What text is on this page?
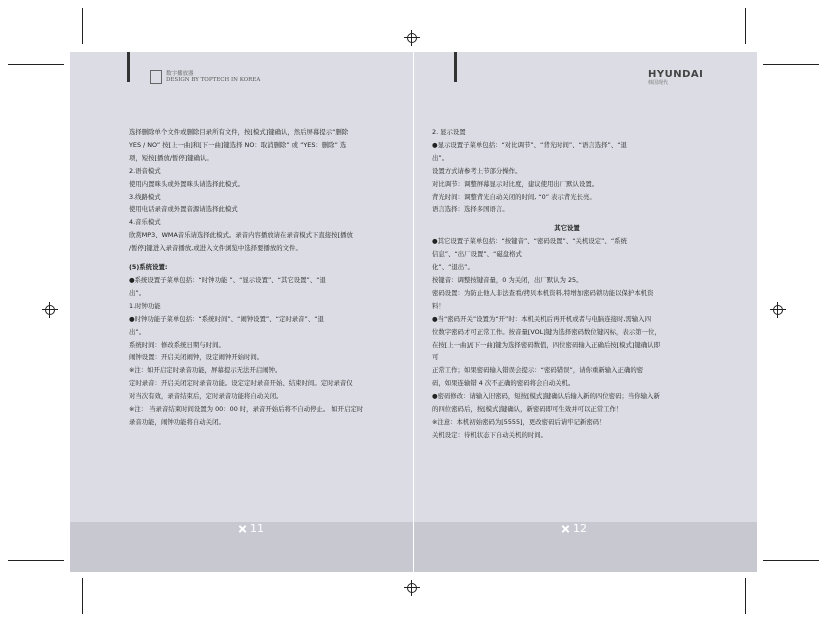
数字播放器
DESIGN BY TOPTECH IN KOREA	HYUNDAI
韩国现代

选择删除单个文件或删除目录所有文件，按[模式]键确认，然后屏幕提示“删除

YES / NO” 按[上一曲]和[下一曲]键选择 NO：取消删除” 或 “YES：删除” 选

项，短按[播放/暂停]键确认。

2.语音模式

使用内置咪头或外置咪头请选择此模式。

3.线路模式

使用电话录音或外置音源请选择此模式

4.音乐模式

欣赏MP3、WMA音乐请选择此模式。录音内容播放请在录音模式下直接按[播放

/暂停]键进入录音播放,或进入文件浏览中选择要播放的文件。

(5)系统设置:

●系统设置子菜单包括：“时钟功能 ”、“显示设置”、“其它设置”、“退

出”。

1.时钟功能

●时钟功能子菜单包括：“系统时间”、“闹钟设置”、“定时录音”、“退

出”。

系统时间：修改系统日期与时间。

闹钟设置：开启关闭闹钟，设定闹钟开始时间。

※注：如开启定时录音功能，屏幕提示无法开启闹钟。

定时录音：开启关闭定时录音功能。设定定时录音开始、结束时间。定时录音仅

对当次有效，录音结束后，定时录音功能将自动关闭。

※注： 当录音结束时间设置为 00：00 时，录音开始后将不自动停止。 如开启定时

录音功能，闹钟功能将自动关闭。

2. 显示设置

●显示设置子菜单包括：“对比调节”、“背光时间”、“语言选择”、“退

出”。

设置方式请参考上节部分操作。

对比调节：调整屏幕显示对比度，建议使用出厂默认设置。

背光时间：调整背光自动关闭的时间, “0” 表示背光长亮。

语言选择：选择多国语言。

其它设置

●其它设置子菜单包括：“按键音”、“密码设置”、“关机设定”、“系统

信息”、“出厂设置”、“磁盘格式

化”、“退出”。

按键音：调整按键音量，0 为关闭，出厂默认为 25。

密码设置：为防止他人非法查看/拷贝本机资料,特增加密码锁功能以保护本机资

料！

●当“密码开关”设置为“开”时：本机关机后再开机或者与电脑连接时,需输入四

位数字密码才可正常工作。按音量[VOL]键为选择密码数位键闪标，表示第一位，

在按[上一曲]/[下一曲]键为选择密码数值，四位密码输入正确后按[模式]键确认即

可

正常工作；如果密码输入错误会提示：“密码错误”，请你重新输入正确的密

码，如果连输错 4 次不正确的密码将会自动关机。

●密码修改：请输入旧密码，短按[模式]键确认后输入新的四位密码；当你输入新

的四位密码后，按[模式]键确认，新密码即可生效并可以正常工作！

※注意：本机初始密码为[5555]，更改密码后请牢记新密码！

关机设定：待机状态下自动关机的时间。

11	12
